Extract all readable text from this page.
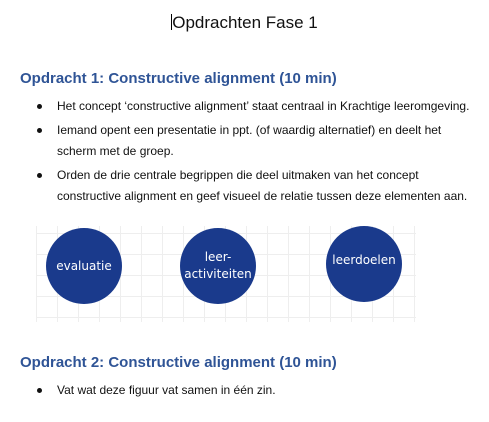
Opdrachten Fase 1
Opdracht 1: Constructive alignment (10 min)
Het concept ‘constructive alignment’ staat centraal in Krachtige leeromgeving.
Iemand opent een presentatie in ppt. (of waardig alternatief) en deelt het scherm met de groep.
Orden de drie centrale begrippen die deel uitmaken van het concept constructive alignment en geef visueel de relatie tussen deze elementen aan.
evaluatie
leer-
activiteiten
leerdoelen
Opdracht 2: Constructive alignment (10 min)
Vat wat deze figuur vat samen in één zin.
